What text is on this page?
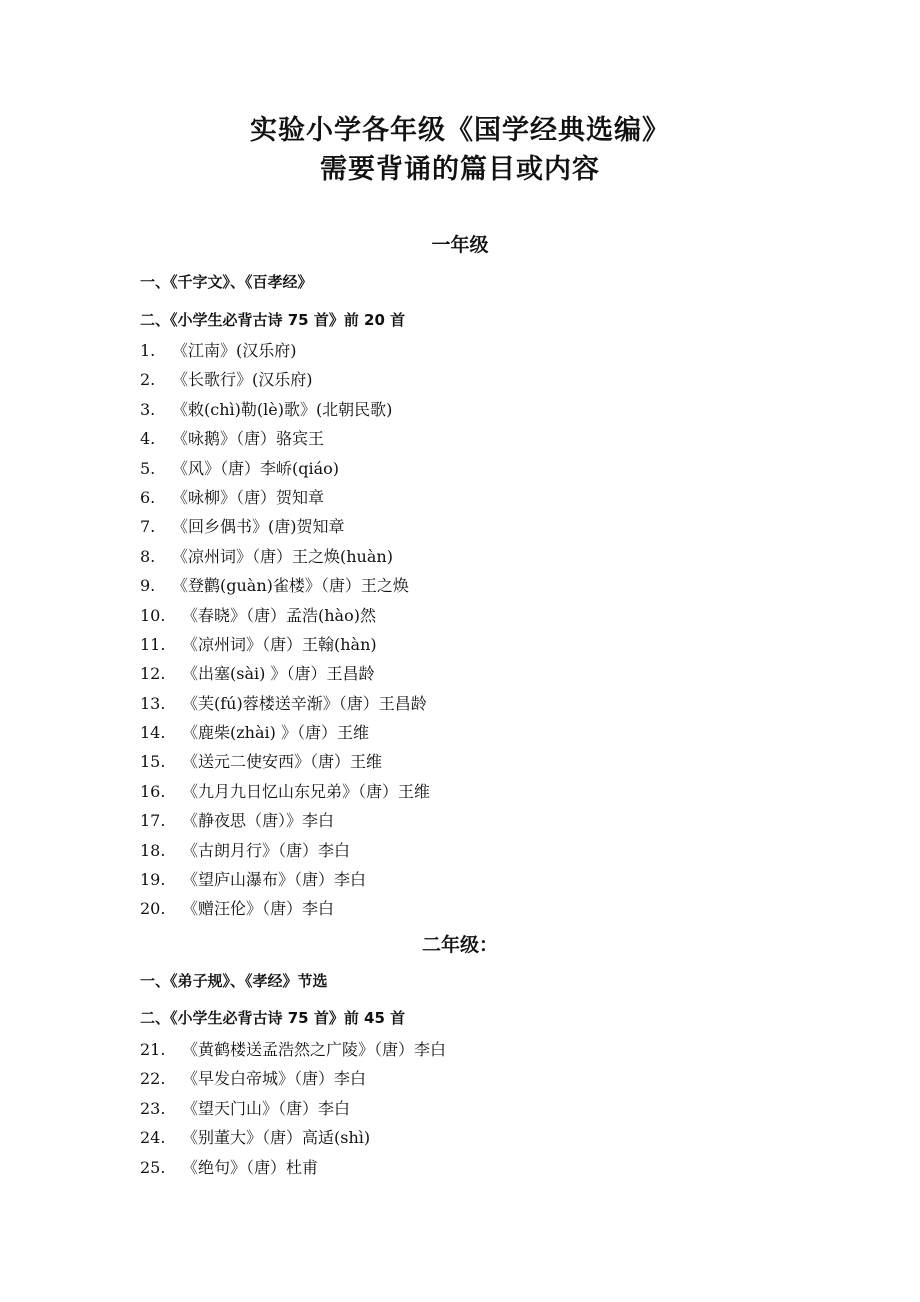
实验小学各年级《国学经典选编》
需要背诵的篇目或内容
一年级
一、《千字文》、《百孝经》
二、《小学生必背古诗 75 首》前 20 首
1. 《江南》(汉乐府)
2. 《长歌行》(汉乐府)
3. 《敕(chì)勒(lè)歌》(北朝民歌)
4. 《咏鹅》（唐）骆宾王
5. 《风》（唐）李峤(qiáo)
6. 《咏柳》（唐）贺知章
7. 《回乡偶书》(唐)贺知章
8. 《凉州词》（唐）王之焕(huàn)
9. 《登鹳(guàn)雀楼》（唐）王之焕
10. 《春晓》（唐）孟浩(hào)然
11. 《凉州词》（唐）王翰(hàn)
12. 《出塞(sài) 》（唐）王昌龄
13. 《芙(fú)蓉楼送辛渐》（唐）王昌龄
14. 《鹿柴(zhài) 》（唐）王维
15. 《送元二使安西》（唐）王维
16. 《九月九日忆山东兄弟》（唐）王维
17. 《静夜思（唐）》李白
18. 《古朗月行》（唐）李白
19. 《望庐山瀑布》（唐）李白
20. 《赠汪伦》（唐）李白
二年级：
一、《弟子规》、《孝经》节选
二、《小学生必背古诗 75 首》前 45 首
21. 《黄鹤楼送孟浩然之广陵》（唐）李白
22. 《早发白帝城》（唐）李白
23. 《望天门山》（唐）李白
24. 《别董大》（唐）高适(shì)
25. 《绝句》（唐）杜甫
